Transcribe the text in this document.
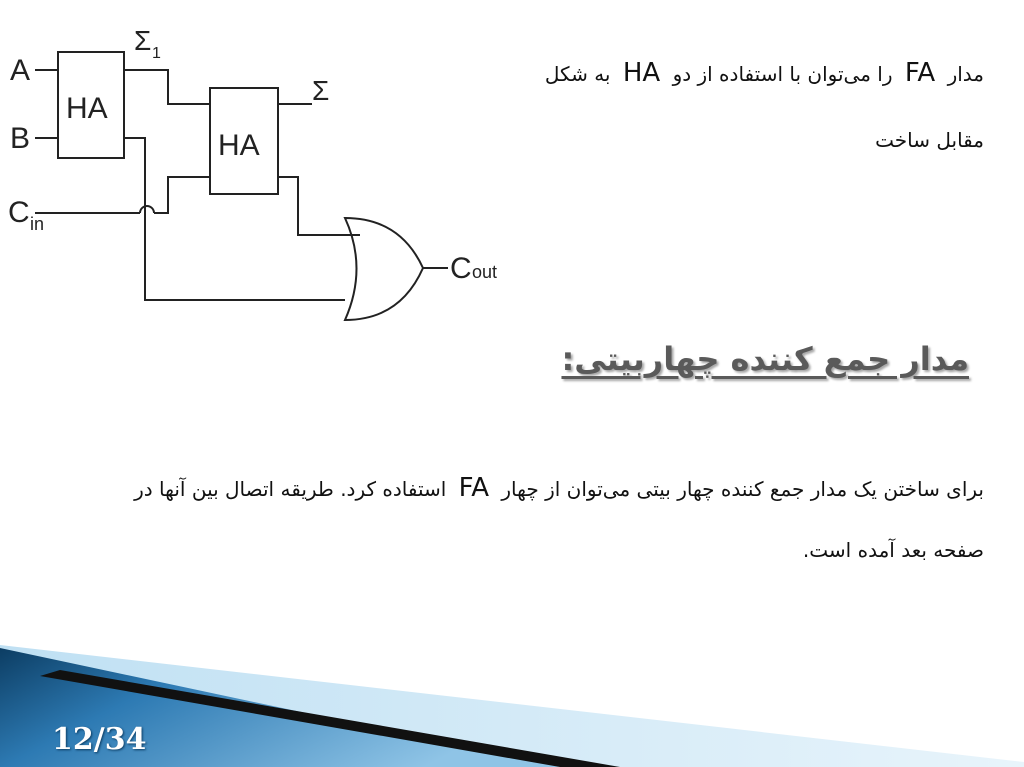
A
B
C in
HA
HA
Σ 1
Σ
C out
مدار FA را می‌توان با استفاده از دو HA به شکل
مقابل ساخت
مدار جمع کننده چهاربیتی:
برای ساختن یک مدار جمع کننده چهار بیتی می‌توان از چهار FA استفاده کرد. طریقه اتصال بین آنها در
صفحه بعد آمده است.
12/34
